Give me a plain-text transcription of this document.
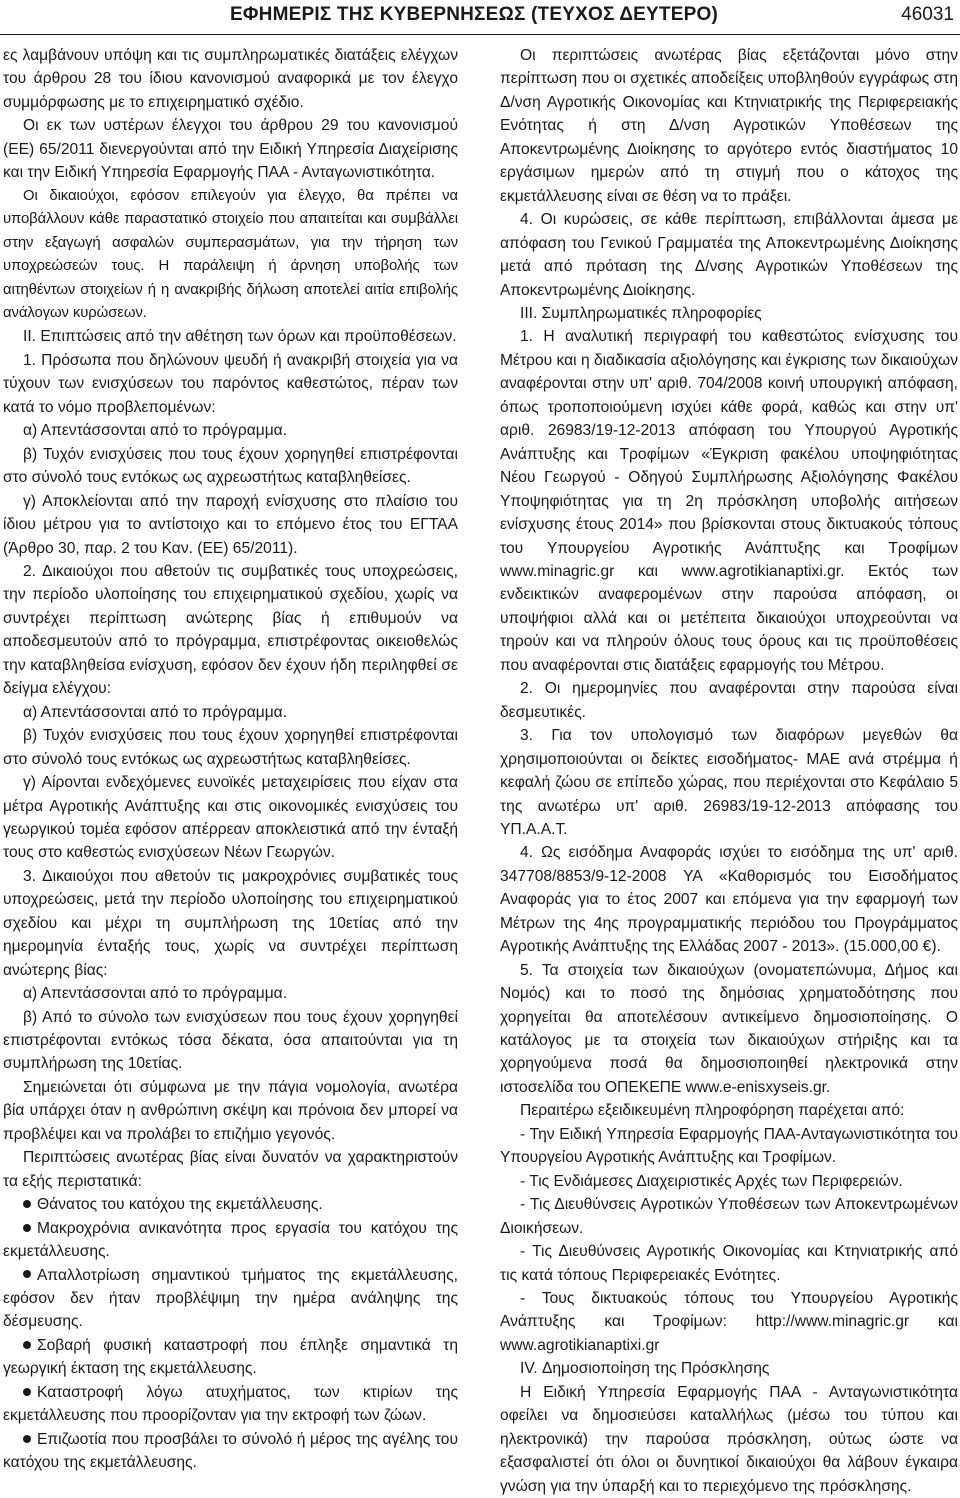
ΕΦΗΜΕΡΙΣ ΤΗΣ ΚΥΒΕΡΝΗΣΕΩΣ (ΤΕΥΧΟΣ ΔΕΥΤΕΡΟ)	46031

ες λαμβάνουν υπόψη και τις συμπληρωματικές διατάξεις ελέγχων του άρθρου 28 του ίδιου κανονισμού αναφορικά με τον έλεγχο συμμόρφωσης με το επιχειρηματικό σχέδιο.

Οι εκ των υστέρων έλεγχοι του άρθρου 29 του κανονισμού (ΕΕ) 65/2011 διενεργούνται από την Ειδική Υπηρεσία Διαχείρισης και την Ειδική Υπηρεσία Εφαρμογής ΠΑΑ - Ανταγωνιστικότητα.

Οι δικαιούχοι, εφόσον επιλεγούν για έλεγχο, θα πρέπει να υποβάλλουν κάθε παραστατικό στοιχείο που απαιτείται και συμβάλλει στην εξαγωγή ασφαλών συμπερασμάτων, για την τήρηση των υποχρεώσεών τους. Η παράλειψη ή άρνηση υποβολής των αιτηθέντων στοιχείων ή η ανακριβής δήλωση αποτελεί αιτία επιβολής ανάλογων κυρώσεων.

ΙΙ. Επιπτώσεις από την αθέτηση των όρων και προϋποθέσεων.

1. Πρόσωπα που δηλώνουν ψευδή ή ανακριβή στοιχεία για να τύχουν των ενισχύσεων του παρόντος καθεστώτος, πέραν των κατά το νόμο προβλεπομένων:

α) Απεντάσσονται από το πρόγραμμα.

β) Τυχόν ενισχύσεις που τους έχουν χορηγηθεί επιστρέφονται στο σύνολό τους εντόκως ως αχρεωστήτως καταβληθείσες.

γ) Αποκλείονται από την παροχή ενίσχυσης στο πλαίσιο του ίδιου μέτρου για το αντίστοιχο και το επόμενο έτος του ΕΓΤΑΑ (Άρθρο 30, παρ. 2 του Καν. (ΕΕ) 65/2011).

2. Δικαιούχοι που αθετούν τις συμβατικές τους υποχρεώσεις, την περίοδο υλοποίησης του επιχειρηματικού σχεδίου, χωρίς να συντρέχει περίπτωση ανώτερης βίας ή επιθυμούν να αποδεσμευτούν από το πρόγραμμα, επιστρέφοντας οικειοθελώς την καταβληθείσα ενίσχυση, εφόσον δεν έχουν ήδη περιληφθεί σε δείγμα ελέγχου:

α) Απεντάσσονται από το πρόγραμμα.

β) Τυχόν ενισχύσεις που τους έχουν χορηγηθεί επιστρέφονται στο σύνολό τους εντόκως ως αχρεωστήτως καταβληθείσες.

γ) Αίρονται ενδεχόμενες ευνοϊκές μεταχειρίσεις που είχαν στα μέτρα Αγροτικής Ανάπτυξης και στις οικονομικές ενισχύσεις του γεωργικού τομέα εφόσον απέρρεαν αποκλειστικά από την ένταξή τους στο καθεστώς ενισχύσεων Νέων Γεωργών.

3. Δικαιούχοι που αθετούν τις μακροχρόνιες συμβατικές τους υποχρεώσεις, μετά την περίοδο υλοποίησης του επιχειρηματικού σχεδίου και μέχρι τη συμπλήρωση της 10ετίας από την ημερομηνία ένταξής τους, χωρίς να συντρέχει περίπτωση ανώτερης βίας:

α) Απεντάσσονται από το πρόγραμμα.

β) Από το σύνολο των ενισχύσεων που τους έχουν χορηγηθεί επιστρέφονται εντόκως τόσα δέκατα, όσα απαιτούνται για τη συμπλήρωση της 10ετίας.

Σημειώνεται ότι σύμφωνα με την πάγια νομολογία, ανωτέρα βία υπάρχει όταν η ανθρώπινη σκέψη και πρόνοια δεν μπορεί να προβλέψει και να προλάβει το επιζήμιο γεγονός.

Περιπτώσεις ανωτέρας βίας είναι δυνατόν να χαρακτηριστούν τα εξής περιστατικά:

Θάνατος του κατόχου της εκμετάλλευσης.

Μακροχρόνια ανικανότητα προς εργασία του κατόχου της εκμετάλλευσης.

Απαλλοτρίωση σημαντικού τμήματος της εκμετάλλευσης, εφόσον δεν ήταν προβλέψιμη την ημέρα ανάληψης της δέσμευσης.

Σοβαρή φυσική καταστροφή που έπληξε σημαντικά τη γεωργική έκταση της εκμετάλλευσης.

Καταστροφή λόγω ατυχήματος, των κτιρίων της εκμετάλλευσης που προορίζονταν για την εκτροφή των ζώων.

Επιζωοτία που προσβάλει το σύνολό ή μέρος της αγέλης του κατόχου της εκμετάλλευσης.

Οι περιπτώσεις ανωτέρας βίας εξετάζονται μόνο στην περίπτωση που οι σχετικές αποδείξεις υποβληθούν εγγράφως στη Δ/νση Αγροτικής Οικονομίας και Κτηνιατρικής της Περιφερειακής Ενότητας ή στη Δ/νση Αγροτικών Υποθέσεων της Αποκεντρωμένης Διοίκησης το αργότερο εντός διαστήματος 10 εργάσιμων ημερών από τη στιγμή που ο κάτοχος της εκμετάλλευσης είναι σε θέση να το πράξει.

4. Οι κυρώσεις, σε κάθε περίπτωση, επιβάλλονται άμεσα με απόφαση του Γενικού Γραμματέα της Αποκεντρωμένης Διοίκησης μετά από πρόταση της Δ/νσης Αγροτικών Υποθέσεων της Αποκεντρωμένης Διοίκησης.

ΙΙΙ. Συμπληρωματικές πληροφορίες

1. Η αναλυτική περιγραφή του καθεστώτος ενίσχυσης του Μέτρου και η διαδικασία αξιολόγησης και έγκρισης των δικαιούχων αναφέρονται στην υπ' αριθ. 704/2008 κοινή υπουργική απόφαση, όπως τροποποιούμενη ισχύει κάθε φορά, καθώς και στην υπ' αριθ. 26983/19-12-2013 απόφαση του Υπουργού Αγροτικής Ανάπτυξης και Τροφίμων «Έγκριση φακέλου υποψηφιότητας Νέου Γεωργού - Οδηγού Συμπλήρωσης Αξιολόγησης Φακέλου Υποψηφιότητας για τη 2η πρόσκληση υποβολής αιτήσεων ενίσχυσης έτους 2014» που βρίσκονται στους δικτυακούς τόπους του Υπουργείου Αγροτικής Ανάπτυξης και Τροφίμων www.minagric.gr και www.agrotikianaptixi.gr. Εκτός των ενδεικτικών αναφερομένων στην παρούσα απόφαση, οι υποψήφιοι αλλά και οι μετέπειτα δικαιούχοι υποχρεούνται να τηρούν και να πληρούν όλους τους όρους και τις προϋποθέσεις που αναφέρονται στις διατάξεις εφαρμογής του Μέτρου.

2. Οι ημερομηνίες που αναφέρονται στην παρούσα είναι δεσμευτικές.

3. Για τον υπολογισμό των διαφόρων μεγεθών θα χρησιμοποιούνται οι δείκτες εισοδήματος- ΜΑΕ ανά στρέμμα ή κεφαλή ζώου σε επίπεδο χώρας, που περιέχονται στο Κεφάλαιο 5 της ανωτέρω υπ' αριθ. 26983/19-12-2013 απόφασης του ΥΠ.Α.Α.Τ.

4. Ως εισόδημα Αναφοράς ισχύει το εισόδημα της υπ' αριθ. 347708/8853/9-12-2008 ΥΑ «Καθορισμός του Εισοδήματος Αναφοράς για το έτος 2007 και επόμενα για την εφαρμογή των Μέτρων της 4ης προγραμματικής περιόδου του Προγράμματος Αγροτικής Ανάπτυξης της Ελλάδας 2007 - 2013». (15.000,00 €).

5. Τα στοιχεία των δικαιούχων (ονοματεπώνυμα, Δήμος και Νομός) και το ποσό της δημόσιας χρηματοδότησης που χορηγείται θα αποτελέσουν αντικείμενο δημοσιοποίησης. Ο κατάλογος με τα στοιχεία των δικαιούχων στήριξης και τα χορηγούμενα ποσά θα δημοσιοποιηθεί ηλεκτρονικά στην ιστοσελίδα του ΟΠΕΚΕΠΕ www.e-enisxyseis.gr.

Περαιτέρω εξειδικευμένη πληροφόρηση παρέχεται από:

- Την Ειδική Υπηρεσία Εφαρμογής ΠΑΑ-Ανταγωνιστικότητα του Υπουργείου Αγροτικής Ανάπτυξης και Τροφίμων.

- Τις Ενδιάμεσες Διαχειριστικές Αρχές των Περιφερειών.

- Τις Διευθύνσεις Αγροτικών Υποθέσεων των Αποκεντρωμένων Διοικήσεων.

- Τις Διευθύνσεις Αγροτικής Οικονομίας και Κτηνιατρικής από τις κατά τόπους Περιφερειακές Ενότητες.

- Τους δικτυακούς τόπους του Υπουργείου Αγροτικής Ανάπτυξης και Τροφίμων: http://www.minagric.gr και www.agrotikianaptixi.gr

IV. Δημοσιοποίηση της Πρόσκλησης

Η Ειδική Υπηρεσία Εφαρμογής ΠΑΑ - Ανταγωνιστικότητα οφείλει να δημοσιεύσει καταλλήλως (μέσω του τύπου και ηλεκτρονικά) την παρούσα πρόσκληση, ούτως ώστε να εξασφαλιστεί ότι όλοι οι δυνητικοί δικαιούχοι θα λάβουν έγκαιρα γνώση για την ύπαρξή και το περιεχόμενο της πρόσκλησης.
